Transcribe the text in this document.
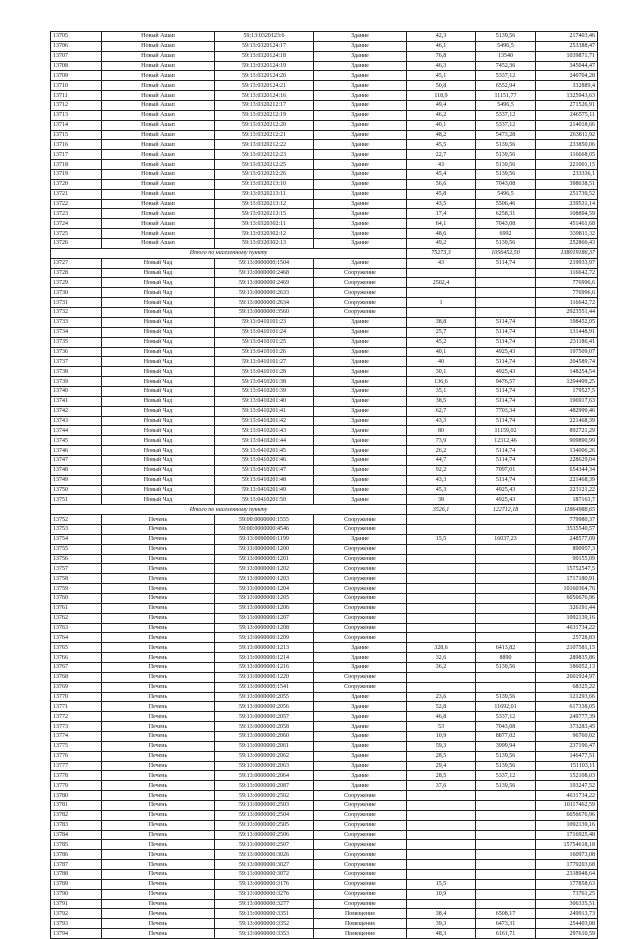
13705	Новый Ашап	59:13:0320123:6	Здание	42,3	5139,56	217403,46
13706	Новый Ашап	59:13:0320124:17	Здание	46,1	5496,5	253388,47
13707	Новый Ашап	59:13:0320124:18	Здание	76,8	13540	1039871,71
13708	Новый Ашап	59:13:0320124:19	Здание	46,3	7452,36	345044,47
13709	Новый Ашап	59:13:0320124:20	Здание	45,1	5337,12	240704,28
13710	Новый Ашап	59:13:0320124:21	Здание	50,8	6552,94	332889,4
13711	Новый Ашап	59:13:0320124:16	Здание	118,9	11151,77	1325943,63
13712	Новый Ашап	59:13:0320212:17	Здание	49,4	5496,5	271526,91
13713	Новый Ашап	59:13:0320212:19	Здание	46,2	5337,12	246575,11
13714	Новый Ашап	59:13:0320212:20	Здание	40,1	5337,12	214018,66
13715	Новый Ашап	59:13:0320212:21	Здание	48,2	5473,28	263811,92
13716	Новый Ашап	59:13:0320212:22	Здание	45,5	5139,56	233850,06
13717	Новый Ашап	59:13:0320212:23	Здание	22,7	5139,56	116668,05
13718	Новый Ашап	59:13:0320212:25	Здание	43	5139,56	221001,15
13719	Новый Ашап	59:13:0320212:26	Здание	45,4	5139,56	233336,1
13720	Новый Ашап	59:13:0320213:10	Здание	56,6	7043,08	398638,51
13721	Новый Ашап	59:13:0320213:11	Здание	45,8	5496,5	251739,52
13722	Новый Ашап	59:13:0320213:12	Здание	43,5	5506,46	239531,14
13723	Новый Ашап	59:13:0320213:15	Здание	17,4	6258,31	108894,59
13724	Новый Ашап	59:13:0320302:11	Здание	64,1	7043,08	451461,68
13725	Новый Ашап	59:13:0320302:12	Здание	48,6	6992	339811,32
13726	Новый Ашап	59:13:0320302:13	Здание	49,2	5139,56	252866,43
Итого по населенному пункту				75273,3	1056452,50	138019186,37
13727	Новый Чад	59:13:0000000:1504	Здание	43	5114,74	219933,97
13728	Новый Чад	59:13:0000000:2468	Сооружение			116642,72
13729	Новый Чад	59:13:0000000:2469	Сооружение	2502,4		776996,6
13730	Новый Чад	59:13:0000000:2633	Сооружение			776996,6
13731	Новый Чад	59:13:0000000:2634	Сооружение	1		116642,72
13732	Новый Чад	59:13:0000000:3560	Сооружение			2923551,44
13733	Новый Чад	59:13:0410101:23	Здание	38,8	5114,74	198452,05
13734	Новый Чад	59:13:0410101:24	Здание	25,7	5114,74	131448,91
13735	Новый Чад	59:13:0410101:25	Здание	45,2	5114,74	231186,41
13736	Новый Чад	59:13:0410101:26	Здание	40,1	4925,43	197509,07
13737	Новый Чад	59:13:0410101:27	Здание	40	5114,74	204589,74
13738	Новый Чад	59:13:0410101:28	Здание	30,1	4925,43	148254,54
13739	Новый Чад	59:13:0410201:38	Здание	136,6	9476,57	1294499,25
13740	Новый Чад	59:13:0410201:39	Здание	35,1	5114,74	179527,5
13741	Новый Чад	59:13:0410201:40	Здание	38,5	5114,74	196917,63
13742	Новый Чад	59:13:0410201:41	Здание	62,7	7703,34	482999,46
13743	Новый Чад	59:13:0410201:42	Здание	43,3	5114,74	221468,39
13744	Новый Чад	59:13:0410201:43	Здание	80	11159,02	892721,29
13745	Новый Чад	59:13:0410201:44	Здание	73,9	12312,46	909890,99
13746	Новый Чад	59:13:0410201:45	Здание	26,2	5114,74	134006,26
13747	Новый Чад	59:13:0410201:46	Здание	44,7	5114,74	228629,04
13748	Новый Чад	59:13:0410201:47	Здание	92,2	7097,01	654344,34
13749	Новый Чад	59:13:0410201:48	Здание	43,3	5114,74	221468,39
13750	Новый Чад	59:13:0410201:49	Здание	45,3	4925,43	223121,22
13751	Новый Чад	59:13:0410201:50	Здание	38	4925,43	187163,7
Итого по населенному пункту				3526,1	122712,18	11864988,65
13752	Печень	59:00:0000000:1555	Сооружение			779980,37
13753	Печень	59:00:0000000:4546	Сооружение			3535540,57
13754	Печень	59:13:0000000:1199	Здание	15,5	16037,23	248577,09
13755	Печень	59:13:0000000:1200	Сооружение			890957,3
13756	Печень	59:13:0000000:1201	Сооружение			99155,09
13757	Печень	59:13:0000000:1202	Сооружение			15752547,5
13758	Печень	59:13:0000000:1203	Сооружение			1717180,91
13759	Печень	59:13:0000000:1204	Сооружение			10160364,76
13760	Печень	59:13:0000000:1205	Сооружение			6056676,96
13761	Печень	59:13:0000000:1206	Сооружение			326191,44
13762	Печень	59:13:0000000:1207	Сооружение			1092139,16
13763	Печень	59:13:0000000:1208	Сооружение			4631734,22
13764	Печень	59:13:0000000:1209	Сооружение			25728,83
13765	Печень	59:13:0000000:1213	Здание	328,6	6413,82	2107581,15
13766	Печень	59:13:0000000:1214	Здание	32,6	8890	289835,86
13767	Печень	59:13:0000000:1216	Здание	36,2	5139,56	186052,13
13768	Печень	59:13:0000000:1220	Сооружение			2601924,97
13769	Печень	59:13:0000000:1541	Сооружение			68325,22
13770	Печень	59:13:0000000:2055	Здание	23,6	5139,56	121293,66
13771	Печень	59:13:0000000:2056	Здание	52,8	11692,01	617338,05
13772	Печень	59:13:0000000:2057	Здание	46,8	5337,12	249777,39
13773	Печень	59:13:0000000:2058	Здание	53	7043,08	373283,45
13774	Печень	59:13:0000000:2060	Здание	10,9	8877,02	96760,02
13775	Печень	59:13:0000000:2061	Здание	59,3	3999,94	237196,47
13776	Печень	59:13:0000000:2062	Здание	28,5	5139,56	146477,51
13777	Печень	59:13:0000000:2063	Здание	29,4	5139,56	151103,11
13778	Печень	59:13:0000000:2064	Здание	28,5	5337,12	152108,03
13779	Печень	59:13:0000000:2087	Здание	37,6	5139,56	193247,52
13780	Печень	59:13:0000000:2502	Сооружение			4631734,22
13781	Печень	59:13:0000000:2503	Сооружение			10117462,59
13782	Печень	59:13:0000000:2504	Сооружение			6056676,96
13783	Печень	59:13:0000000:2505	Сооружение			1092139,16
13784	Печень	59:13:0000000:2506	Сооружение			1716925,48
13785	Печень	59:13:0000000:2507	Сооружение			15754618,18
13786	Печень	59:13:0000000:3026	Сооружение			160973,08
13787	Печень	59:13:0000000:3027	Сооружение			1779203,68
13788	Печень	59:13:0000000:3072	Сооружение			2338948,64
13789	Печень	59:13:0000000:3176	Сооружение	15,5		177858,63
13790	Печень	59:13:0000000:3276	Сооружение	10,9		73761,25
13791	Печень	59:13:0000000:3277	Сооружение			306335,51
13792	Печень	59:13:0000000:3351	Помещение	38,4	6508,17	249913,73
13793	Печень	59:13:0000000:3352	Помещение	39,3	6473,31	254403,08
13794	Печень	59:13:0000000:3353	Помещение	48,3	6161,71	297610,59
